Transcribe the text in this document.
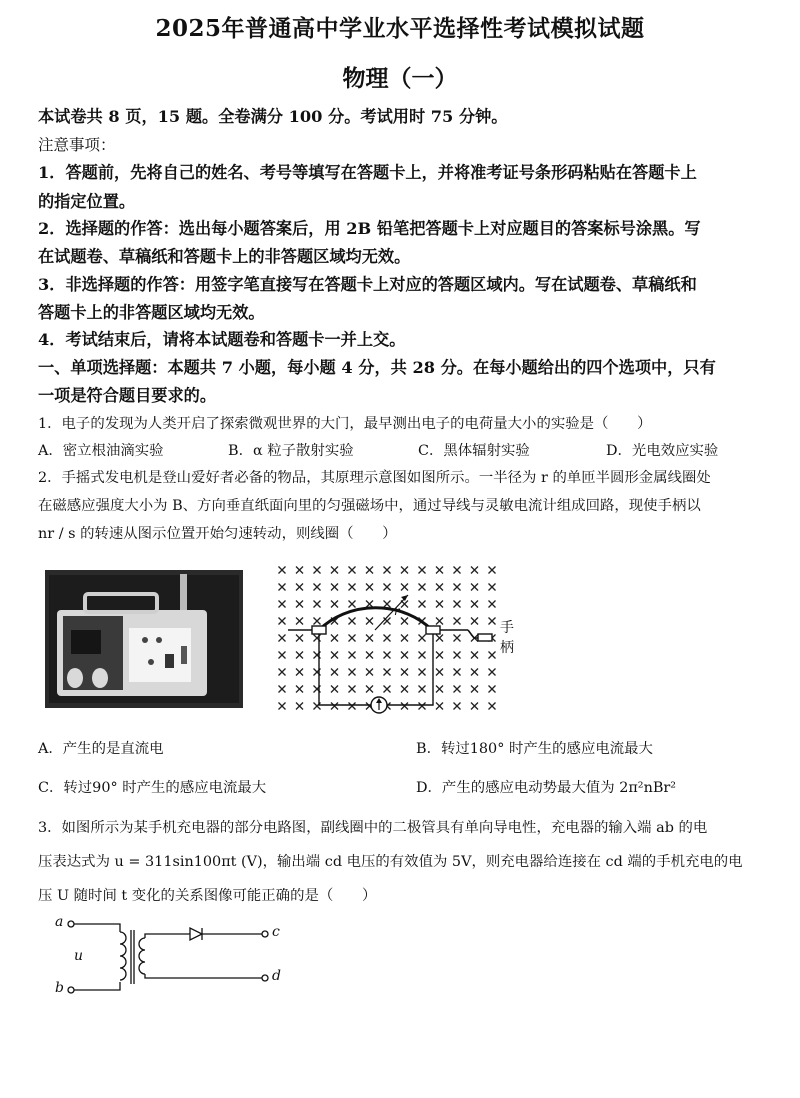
2025年普通高中学业水平选择性考试模拟试题
物理（一）
本试卷共 8 页，15 题。全卷满分 100 分。考试用时 75 分钟。
注意事项：
1．答题前，先将自己的姓名、考号等填写在答题卡上，并将准考证号条形码粘贴在答题卡上
的指定位置。
2．选择题的作答：选出每小题答案后，用 2B 铅笔把答题卡上对应题目的答案标号涂黑。写
在试题卷、草稿纸和答题卡上的非答题区域均无效。
3．非选择题的作答：用签字笔直接写在答题卡上对应的答题区域内。写在试题卷、草稿纸和
答题卡上的非答题区域均无效。
4．考试结束后，请将本试题卷和答题卡一并上交。
一、单项选择题：本题共 7 小题，每小题 4 分，共 28 分。在每小题给出的四个选项中，只有
一项是符合题目要求的。
1．电子的发现为人类开启了探索微观世界的大门，最早测出电子的电荷量大小的实验是（　　）
A．密立根油滴实验	B．α 粒子散射实验	C．黑体辐射实验	D．光电效应实验
2．手摇式发电机是登山爱好者必备的物品，其原理示意图如图所示。一半径为 r 的单匝半圆形金属线圈处
在磁感应强度大小为 B、方向垂直纸面向里的匀强磁场中，通过导线与灵敏电流计组成回路，现使手柄以
nr / s 的转速从图示位置开始匀速转动，则线圈（　　）
r
手柄
A．产生的是直流电	B．转过180° 时产生的感应电流最大
C．转过90° 时产生的感应电流最大	D．产生的感应电动势最大值为 2π²nBr²
3．如图所示为某手机充电器的部分电路图，副线圈中的二极管具有单向导电性，充电器的输入端 ab 的电
压表达式为 u = 311sin100πt (V)，输出端 cd 电压的有效值为 5V，则充电器给连接在 cd 端的手机充电的电
压 U 随时间 t 变化的关系图像可能正确的是（　　）
a
b
u
c
d
